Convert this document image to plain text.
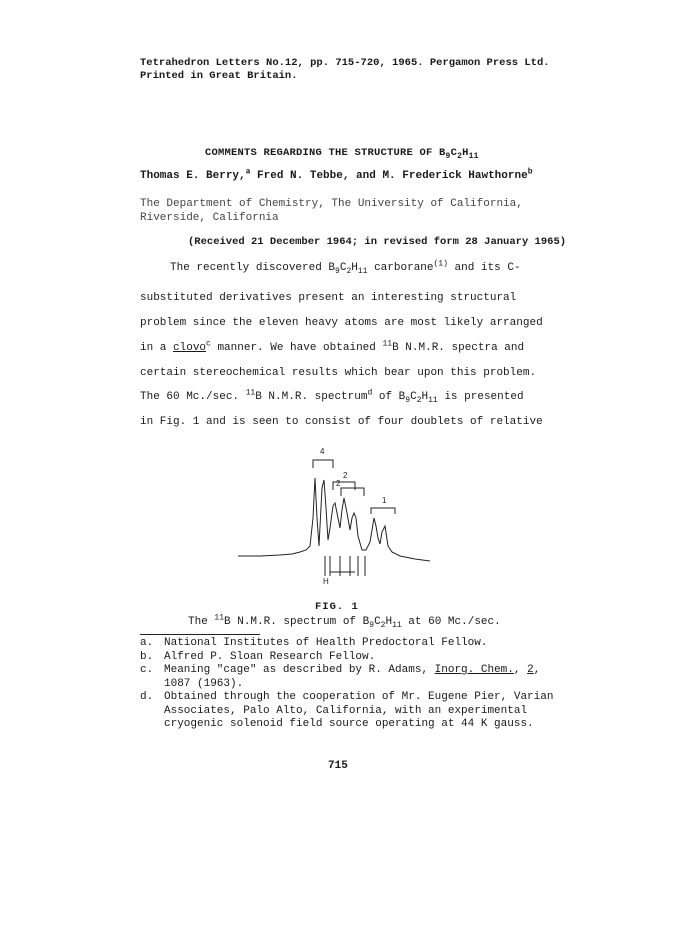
Tetrahedron Letters No.12, pp. 715-720, 1965. Pergamon Press Ltd.
Printed in Great Britain.
COMMENTS REGARDING THE STRUCTURE OF $B_9C_2H_{11}$
Thomas E. Berry,$^a$ Fred N. Tebbe, and M. Frederick Hawthorne$^b$
The Department of Chemistry, The University of California,
Riverside, California
(Received 21 December 1964; in revised form 28 January 1965)
The recently discovered $B_9C_2H_{11}$ carborane$^{(1)}$ and its C-
substituted derivatives present an interesting structural
problem since the eleven heavy atoms are most likely arranged
in a clovo$^c$ manner. We have obtained $^{11}$B N.M.R. spectra and
certain stereochemical results which bear upon this problem.
The 60 Mc./sec. $^{11}$B N.M.R. spectrum$^d$ of $B_9C_2H_{11}$ is presented
in Fig. 1 and is seen to consist of four doublets of relative
4
2
2
1
H
FIG. 1
The $^{11}$B N.M.R. spectrum of $B_9C_2H_{11}$ at 60 Mc./sec.
a. National Institutes of Health Predoctoral Fellow.
b. Alfred P. Sloan Research Fellow.
c. Meaning "cage" as described by R. Adams, Inorg. Chem., 2,
1087 (1963).
d. Obtained through the cooperation of Mr. Eugene Pier, Varian
Associates, Palo Alto, California, with an experimental
cryogenic solenoid field source operating at 44 K gauss.
715
